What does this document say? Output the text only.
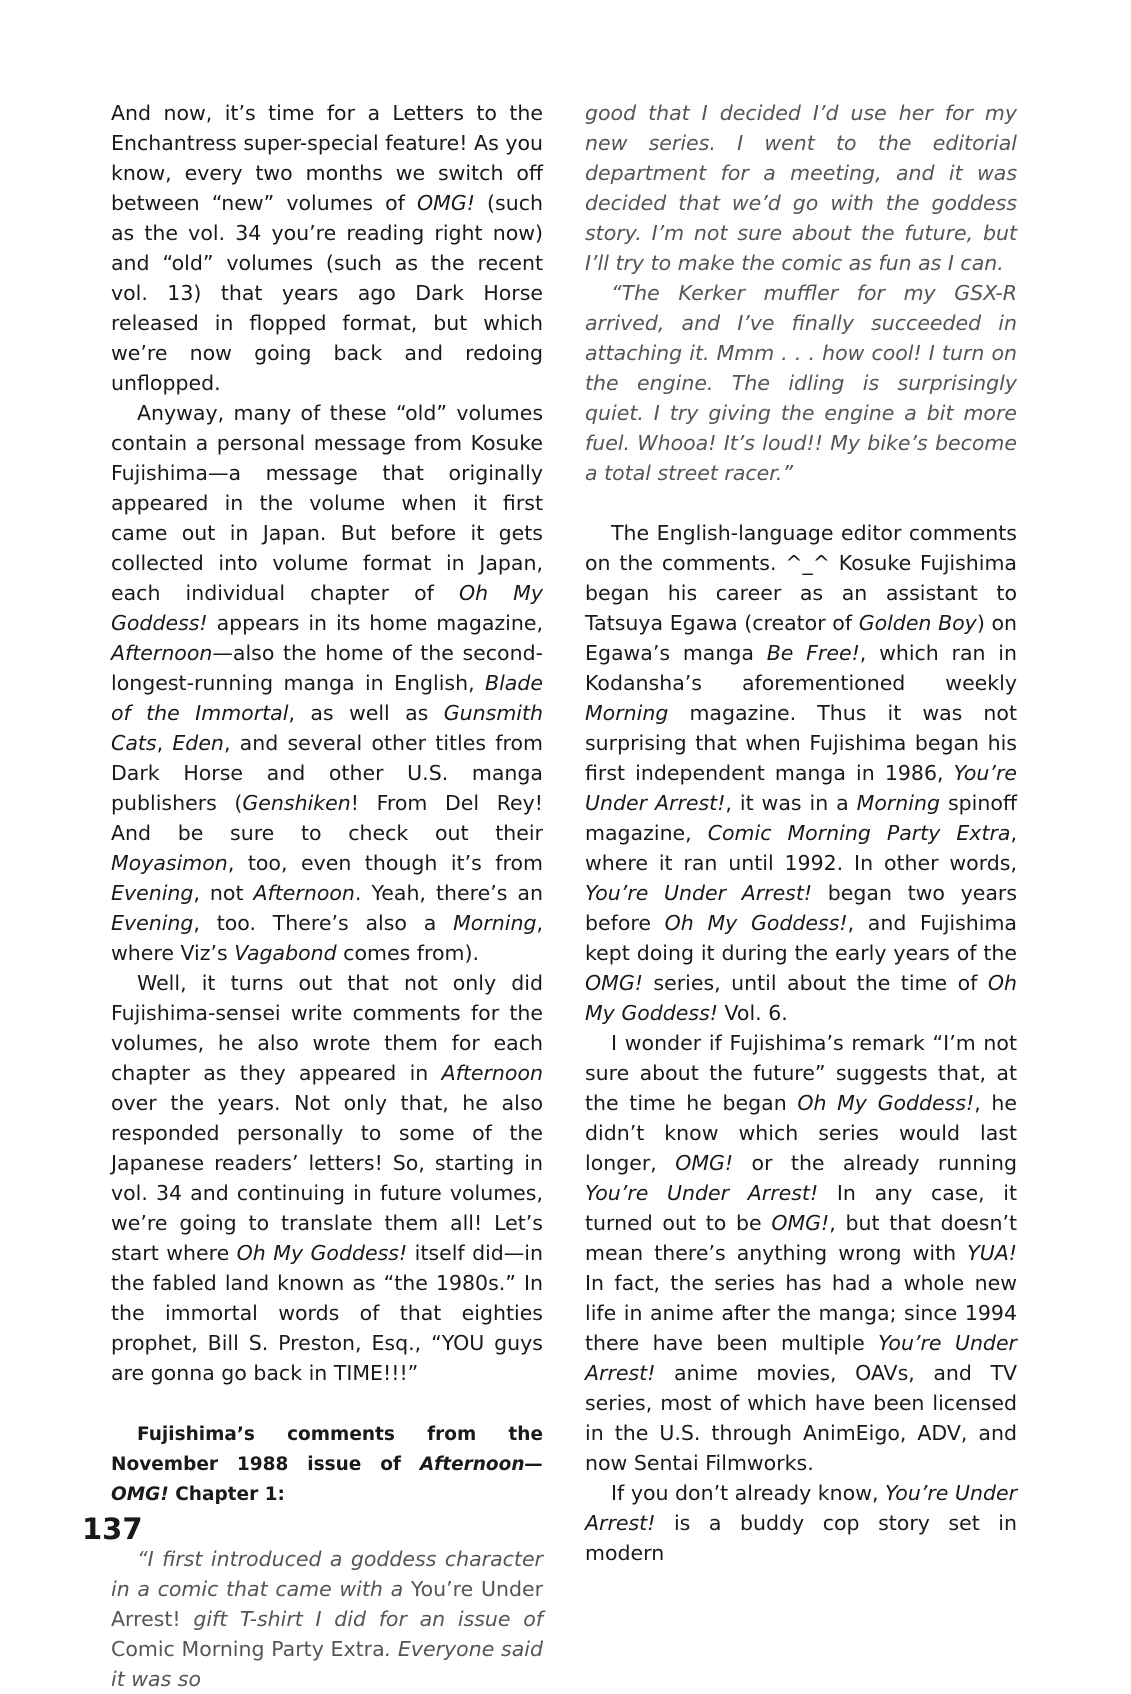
And now, it’s time for a Letters to the Enchantress super-special feature! As you know, every two months we switch off between “new” volumes of OMG! (such as the vol. 34 you’re reading right now) and “old” volumes (such as the recent vol. 13) that years ago Dark Horse released in flopped format, but which we’re now going back and redoing unflopped.

Anyway, many of these “old” volumes contain a personal message from Kosuke Fujishima—a message that originally appeared in the volume when it first came out in Japan. But before it gets collected into volume format in Japan, each individual chapter of Oh My Goddess! appears in its home magazine, Afternoon—also the home of the second-longest-running manga in English, Blade of the Immortal, as well as Gunsmith Cats, Eden, and several other titles from Dark Horse and other U.S. manga publishers (Genshiken! From Del Rey! And be sure to check out their Moyasimon, too, even though it’s from Evening, not Afternoon. Yeah, there’s an Evening, too. There’s also a Morning, where Viz’s Vagabond comes from).

Well, it turns out that not only did Fujishima-sensei write comments for the volumes, he also wrote them for each chapter as they appeared in Afternoon over the years. Not only that, he also responded personally to some of the Japanese readers’ letters! So, starting in vol. 34 and continuing in future volumes, we’re going to translate them all! Let’s start where Oh My Goddess! itself did—in the fabled land known as “the 1980s.” In the immortal words of that eighties prophet, Bill S. Preston, Esq., “YOU guys are gonna go back in TIME!!!”

Fujishima’s comments from the November 1988 issue of Afternoon—OMG! Chapter 1:

“I first introduced a goddess character in a comic that came with a You’re Under Arrest! gift T-shirt I did for an issue of Comic Morning Party Extra. Everyone said it was so

good that I decided I’d use her for my new series. I went to the editorial department for a meeting, and it was decided that we’d go with the goddess story. I’m not sure about the future, but I’ll try to make the comic as fun as I can.

“The Kerker muffler for my GSX-R arrived, and I’ve finally succeeded in attaching it. Mmm . . . how cool! I turn on the engine. The idling is surprisingly quiet. I try giving the engine a bit more fuel. Whooa! It’s loud!! My bike’s become a total street racer.”

The English-language editor comments on the comments. ^_^ Kosuke Fujishima began his career as an assistant to Tatsuya Egawa (creator of Golden Boy) on Egawa’s manga Be Free!, which ran in Kodansha’s aforementioned weekly Morning magazine. Thus it was not surprising that when Fujishima began his first independent manga in 1986, You’re Under Arrest!, it was in a Morning spinoff magazine, Comic Morning Party Extra, where it ran until 1992. In other words, You’re Under Arrest! began two years before Oh My Goddess!, and Fujishima kept doing it during the early years of the OMG! series, until about the time of Oh My Goddess! Vol. 6.

I wonder if Fujishima’s remark “I’m not sure about the future” suggests that, at the time he began Oh My Goddess!, he didn’t know which series would last longer, OMG! or the already running You’re Under Arrest! In any case, it turned out to be OMG!, but that doesn’t mean there’s anything wrong with YUA! In fact, the series has had a whole new life in anime after the manga; since 1994 there have been multiple You’re Under Arrest! anime movies, OAVs, and TV series, most of which have been licensed in the U.S. through AnimEigo, ADV, and now Sentai Filmworks.

If you don’t already know, You’re Under Arrest! is a buddy cop story set in modern

137
